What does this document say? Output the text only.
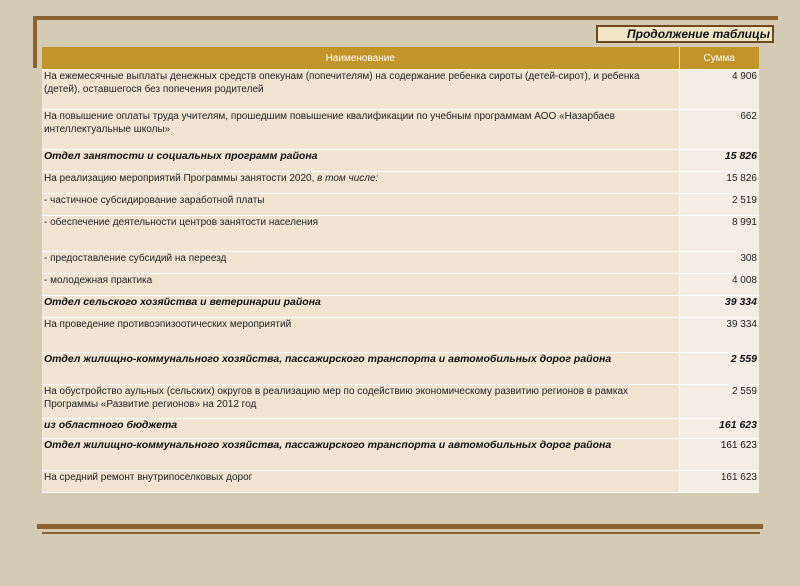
Продолжение таблицы
Наименование	Сумма
На ежемесячные выплаты денежных средств опекунам (попечителям) на содержание ребенка сироты (детей-сирот), и ребенка (детей), оставшегося без попечения родителей	4 906
На повышение оплаты труда учителям, прошедшим повышение квалификации по учебным программам АОО «Назарбаев интеллектуальные школы»	662
Отдел занятости и социальных программ района	15 826
На реализацию мероприятий Программы занятости 2020, в том числе:	15 826
- частичное субсидирование заработной платы	2 519
- обеспечение деятельности центров занятости населения	8 991
- предоставление субсидий на переезд	308
- молодежная практика	4 008
Отдел сельского хозяйства и ветеринарии района	39 334
На проведение противоэпизоотических мероприятий	39 334
Отдел жилищно-коммунального хозяйства, пассажирского транспорта и автомобильных дорог района	2 559
На обустройство аульных (сельских) округов в реализацию мер по содействию экономическому развитию регионов в рамках Программы «Развитие регионов» на 2012 год	2 559
из областного бюджета	161 623
Отдел жилищно-коммунального хозяйства, пассажирского транспорта и автомобильных дорог района	161 623
На средний ремонт внутрипоселковых дорог	161 623
